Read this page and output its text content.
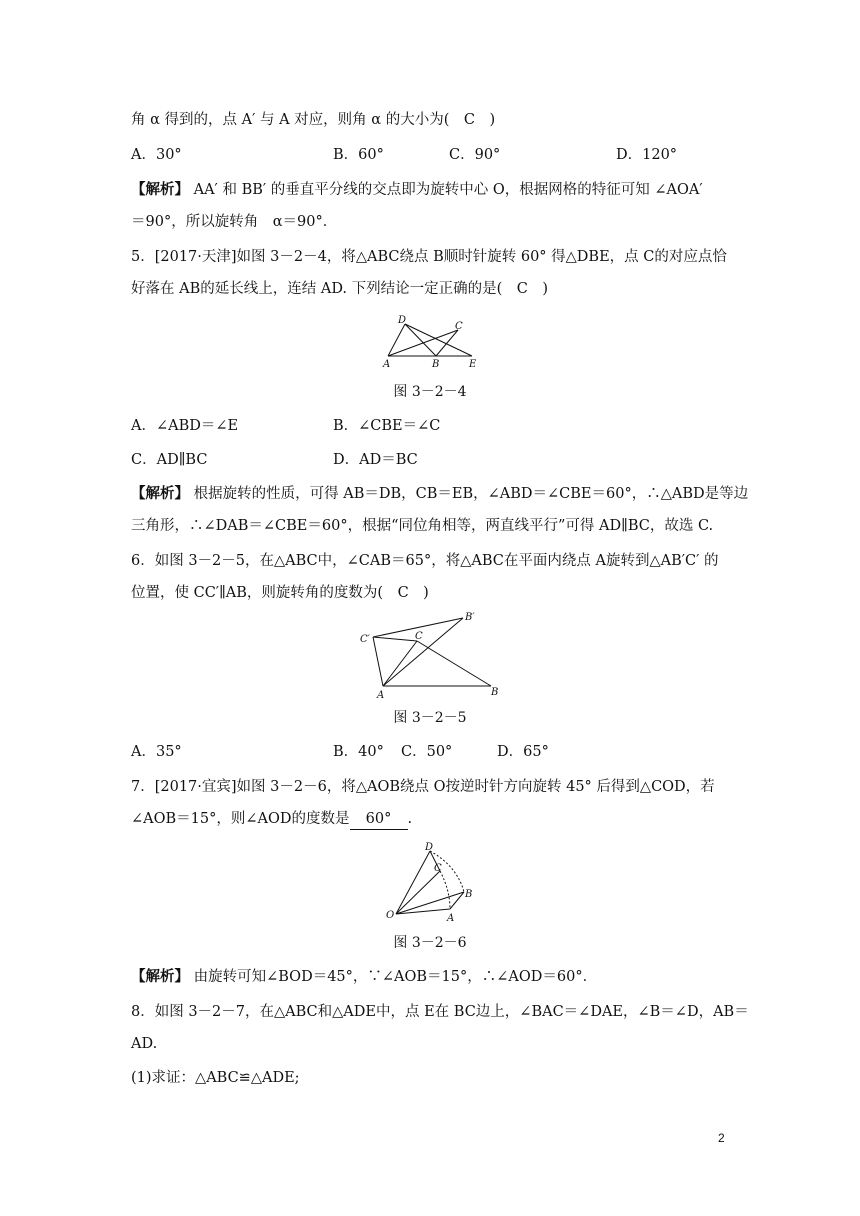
角 α 得到的，点 A′ 与 A 对应，则角 α 的大小为(　C　)
A．30°	B．60°	C．90°	D．120°
【解析】 AA′ 和 BB′ 的垂直平分线的交点即为旋转中心 O，根据网格的特征可知 ∠AOA′
＝90°，所以旋转角　α＝90°．
5．[2017·天津]如图 3－2－4，将△ABC绕点 B顺时针旋转 60° 得△DBE，点 C的对应点恰
好落在 AB的延长线上，连结 AD. 下列结论一定正确的是(　C　)
D
C
A	B	E
图 3－2－4
A．∠ABD＝∠E	B．∠CBE＝∠C
C．AD∥BC	D．AD＝BC
【解析】 根据旋转的性质，可得 AB＝DB，CB＝EB，∠ABD＝∠CBE＝60°，∴△ABD是等边
三角形，∴∠DAB＝∠CBE＝60°，根据“同位角相等，两直线平行”可得 AD∥BC，故选 C.
6．如图 3－2－5，在△ABC中，∠CAB＝65°，将△ABC在平面内绕点 A旋转到△AB′C′ 的
位置，使 CC′∥AB，则旋转角的度数为(　C　)
C′	C
B′
A	B
图 3－2－5
A．35°	B．40° C．50°	D．65°
7．[2017·宜宾]如图 3－2－6，将△AOB绕点 O按逆时针方向旋转 45° 后得到△COD，若
∠AOB＝15°，则∠AOD的度数是 60° .
D
C
B
O	A
图 3－2－6
【解析】 由旋转可知∠BOD＝45°，∵∠AOB＝15°，∴∠AOD＝60°．
8．如图 3－2－7，在△ABC和△ADE中，点 E在 BC边上，∠BAC＝∠DAE，∠B＝∠D，AB＝
AD.
(1)求证：△ABC≌△ADE;
2
